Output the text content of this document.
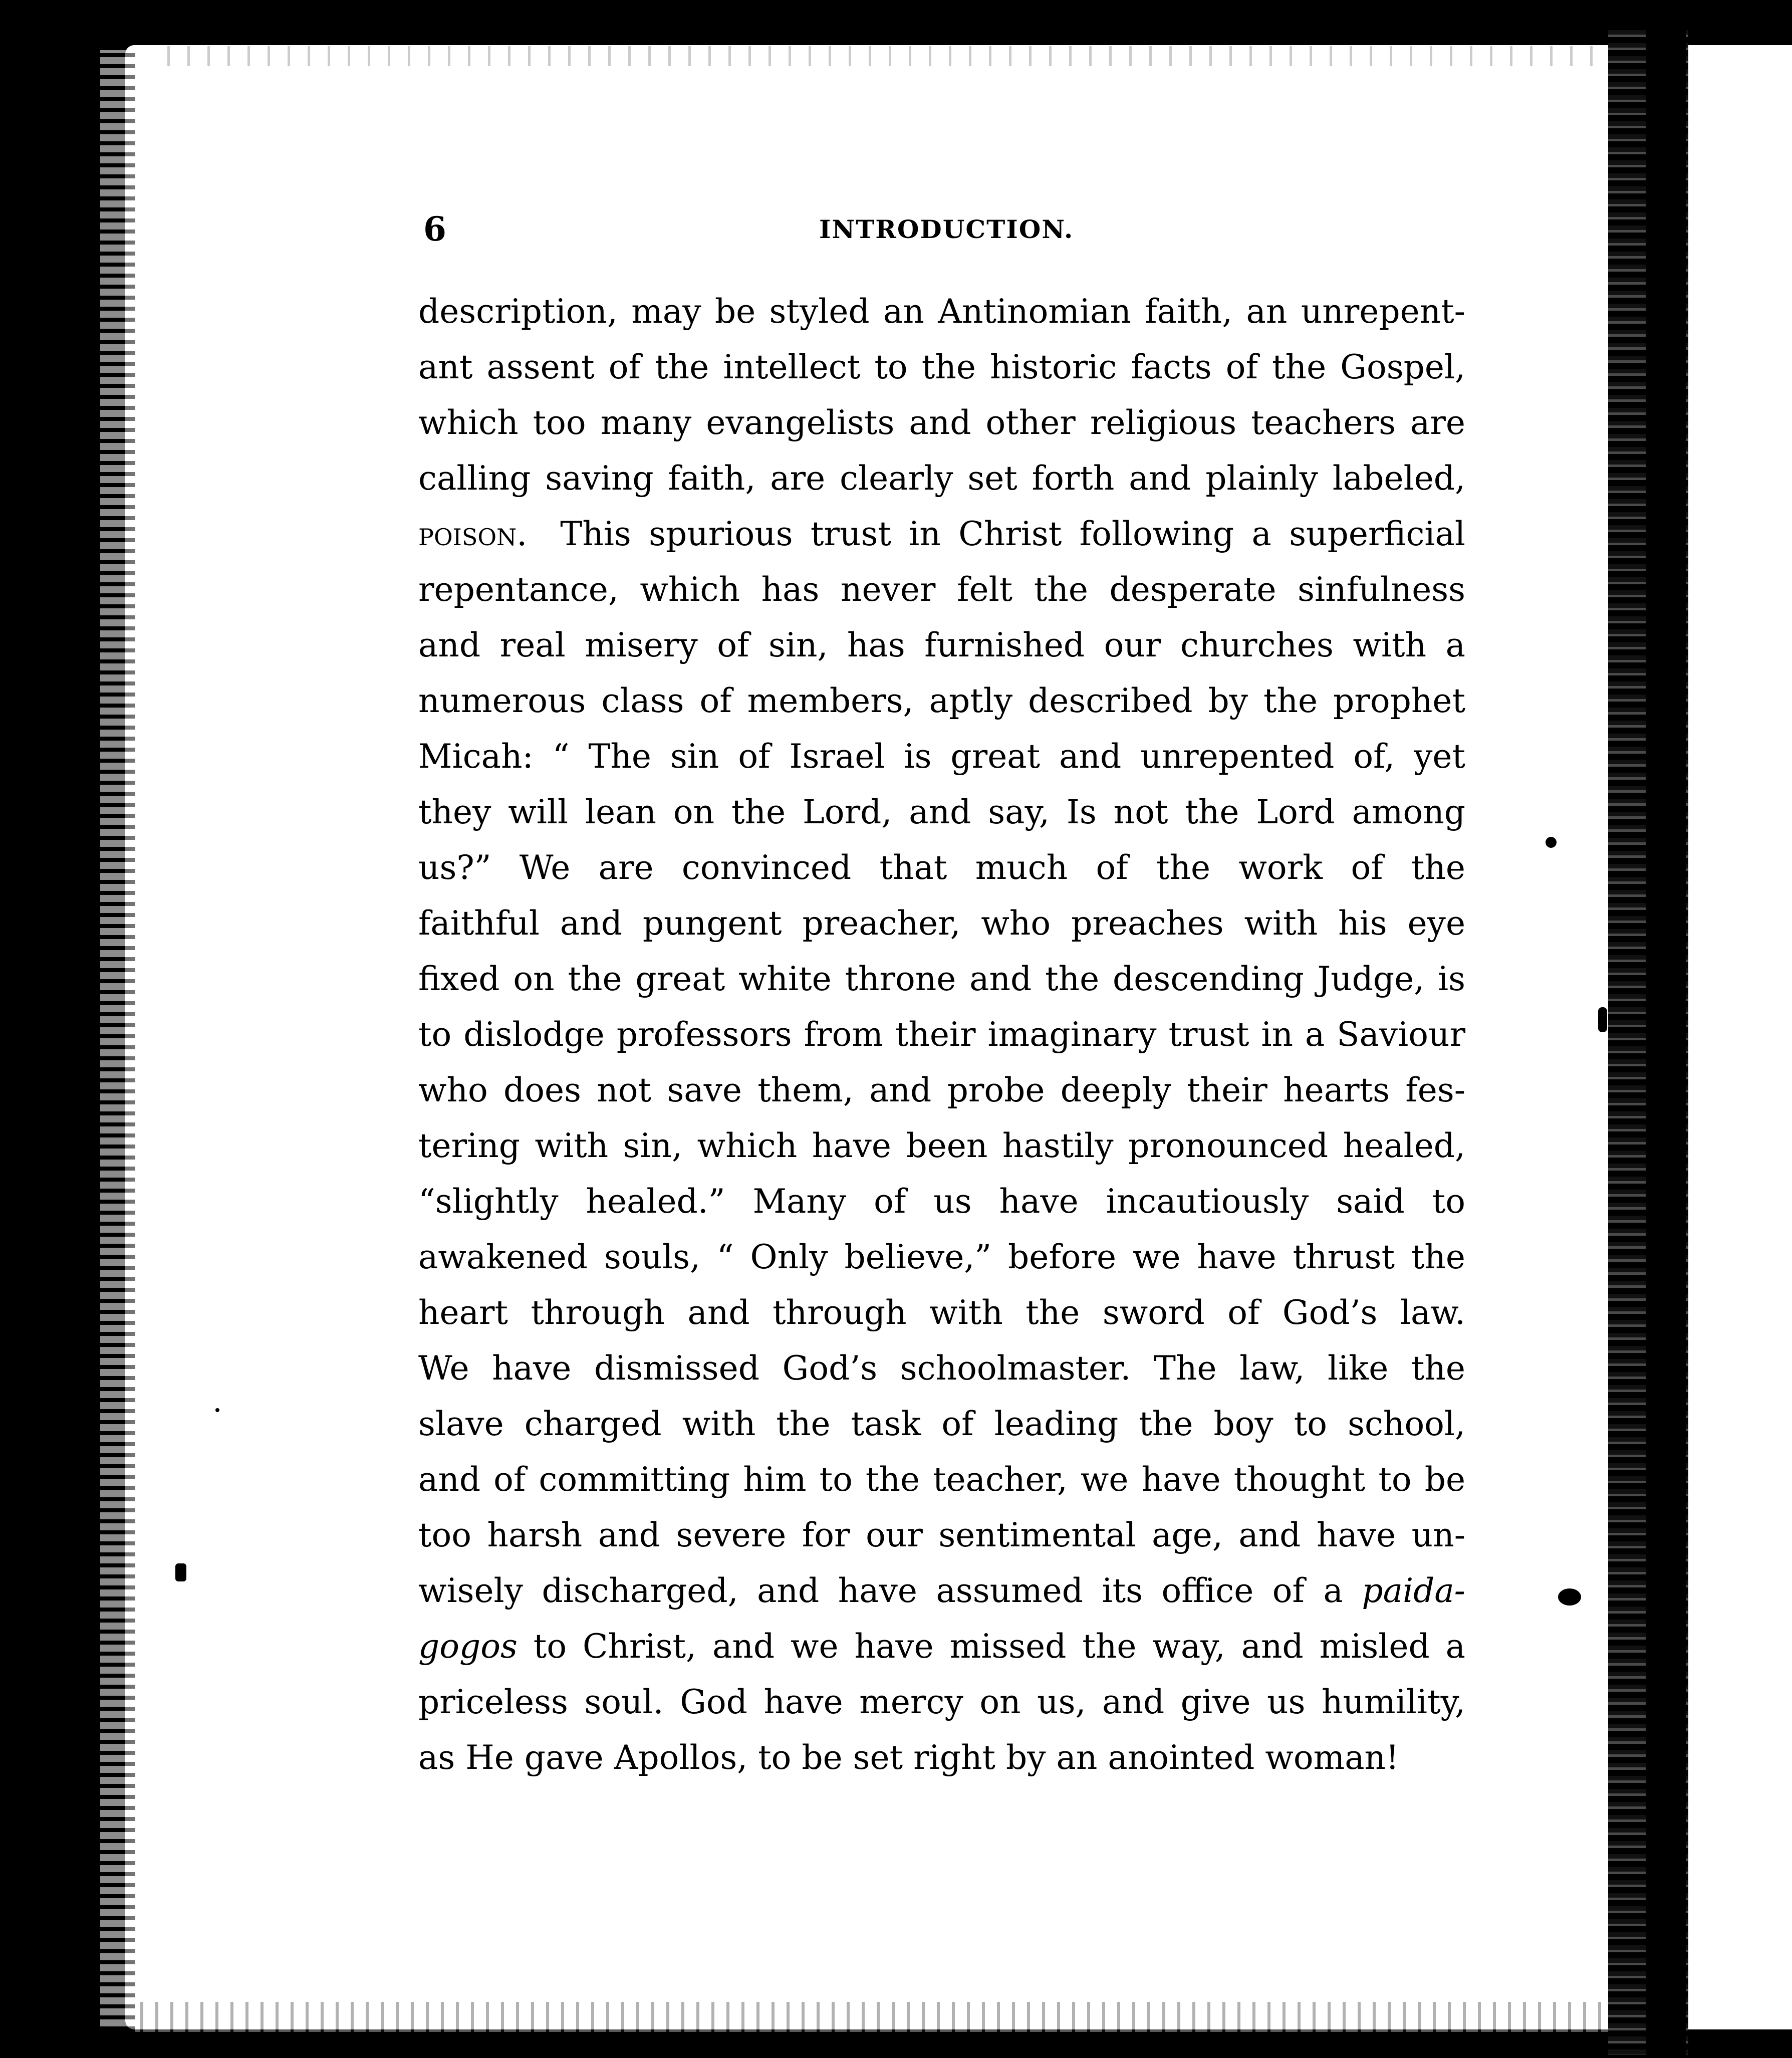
6	INTRODUCTION.
description, may be styled an Antinomian faith, an unrepent-
ant assent of the intellect to the historic facts of the Gospel,
which too many evangelists and other religious teachers are
calling saving faith, are clearly set forth and plainly labeled,
poison.  This spurious trust in Christ following a superficial
repentance, which has never felt the desperate sinfulness
and real misery of sin, has furnished our churches with a
numerous class of members, aptly described by the prophet
Micah: “ The sin of Israel is great and unrepented of, yet
they will lean on the Lord, and say, Is not the Lord among
us?” We are convinced that much of the work of the
faithful and pungent preacher, who preaches with his eye
fixed on the great white throne and the descending Judge, is
to dislodge professors from their imaginary trust in a Saviour
who does not save them, and probe deeply their hearts fes-
tering with sin, which have been hastily pronounced healed,
“slightly healed.” Many of us have incautiously said to
awakened souls, “ Only believe,” before we have thrust the
heart through and through with the sword of God’s law.
We have dismissed God’s schoolmaster. The law, like the
slave charged with the task of leading the boy to school,
and of committing him to the teacher, we have thought to be
too harsh and severe for our sentimental age, and have un-
wisely discharged, and have assumed its office of a paida-
gogos to Christ, and we have missed the way, and misled a
priceless soul. God have mercy on us, and give us humility,
as He gave Apollos, to be set right by an anointed woman!
